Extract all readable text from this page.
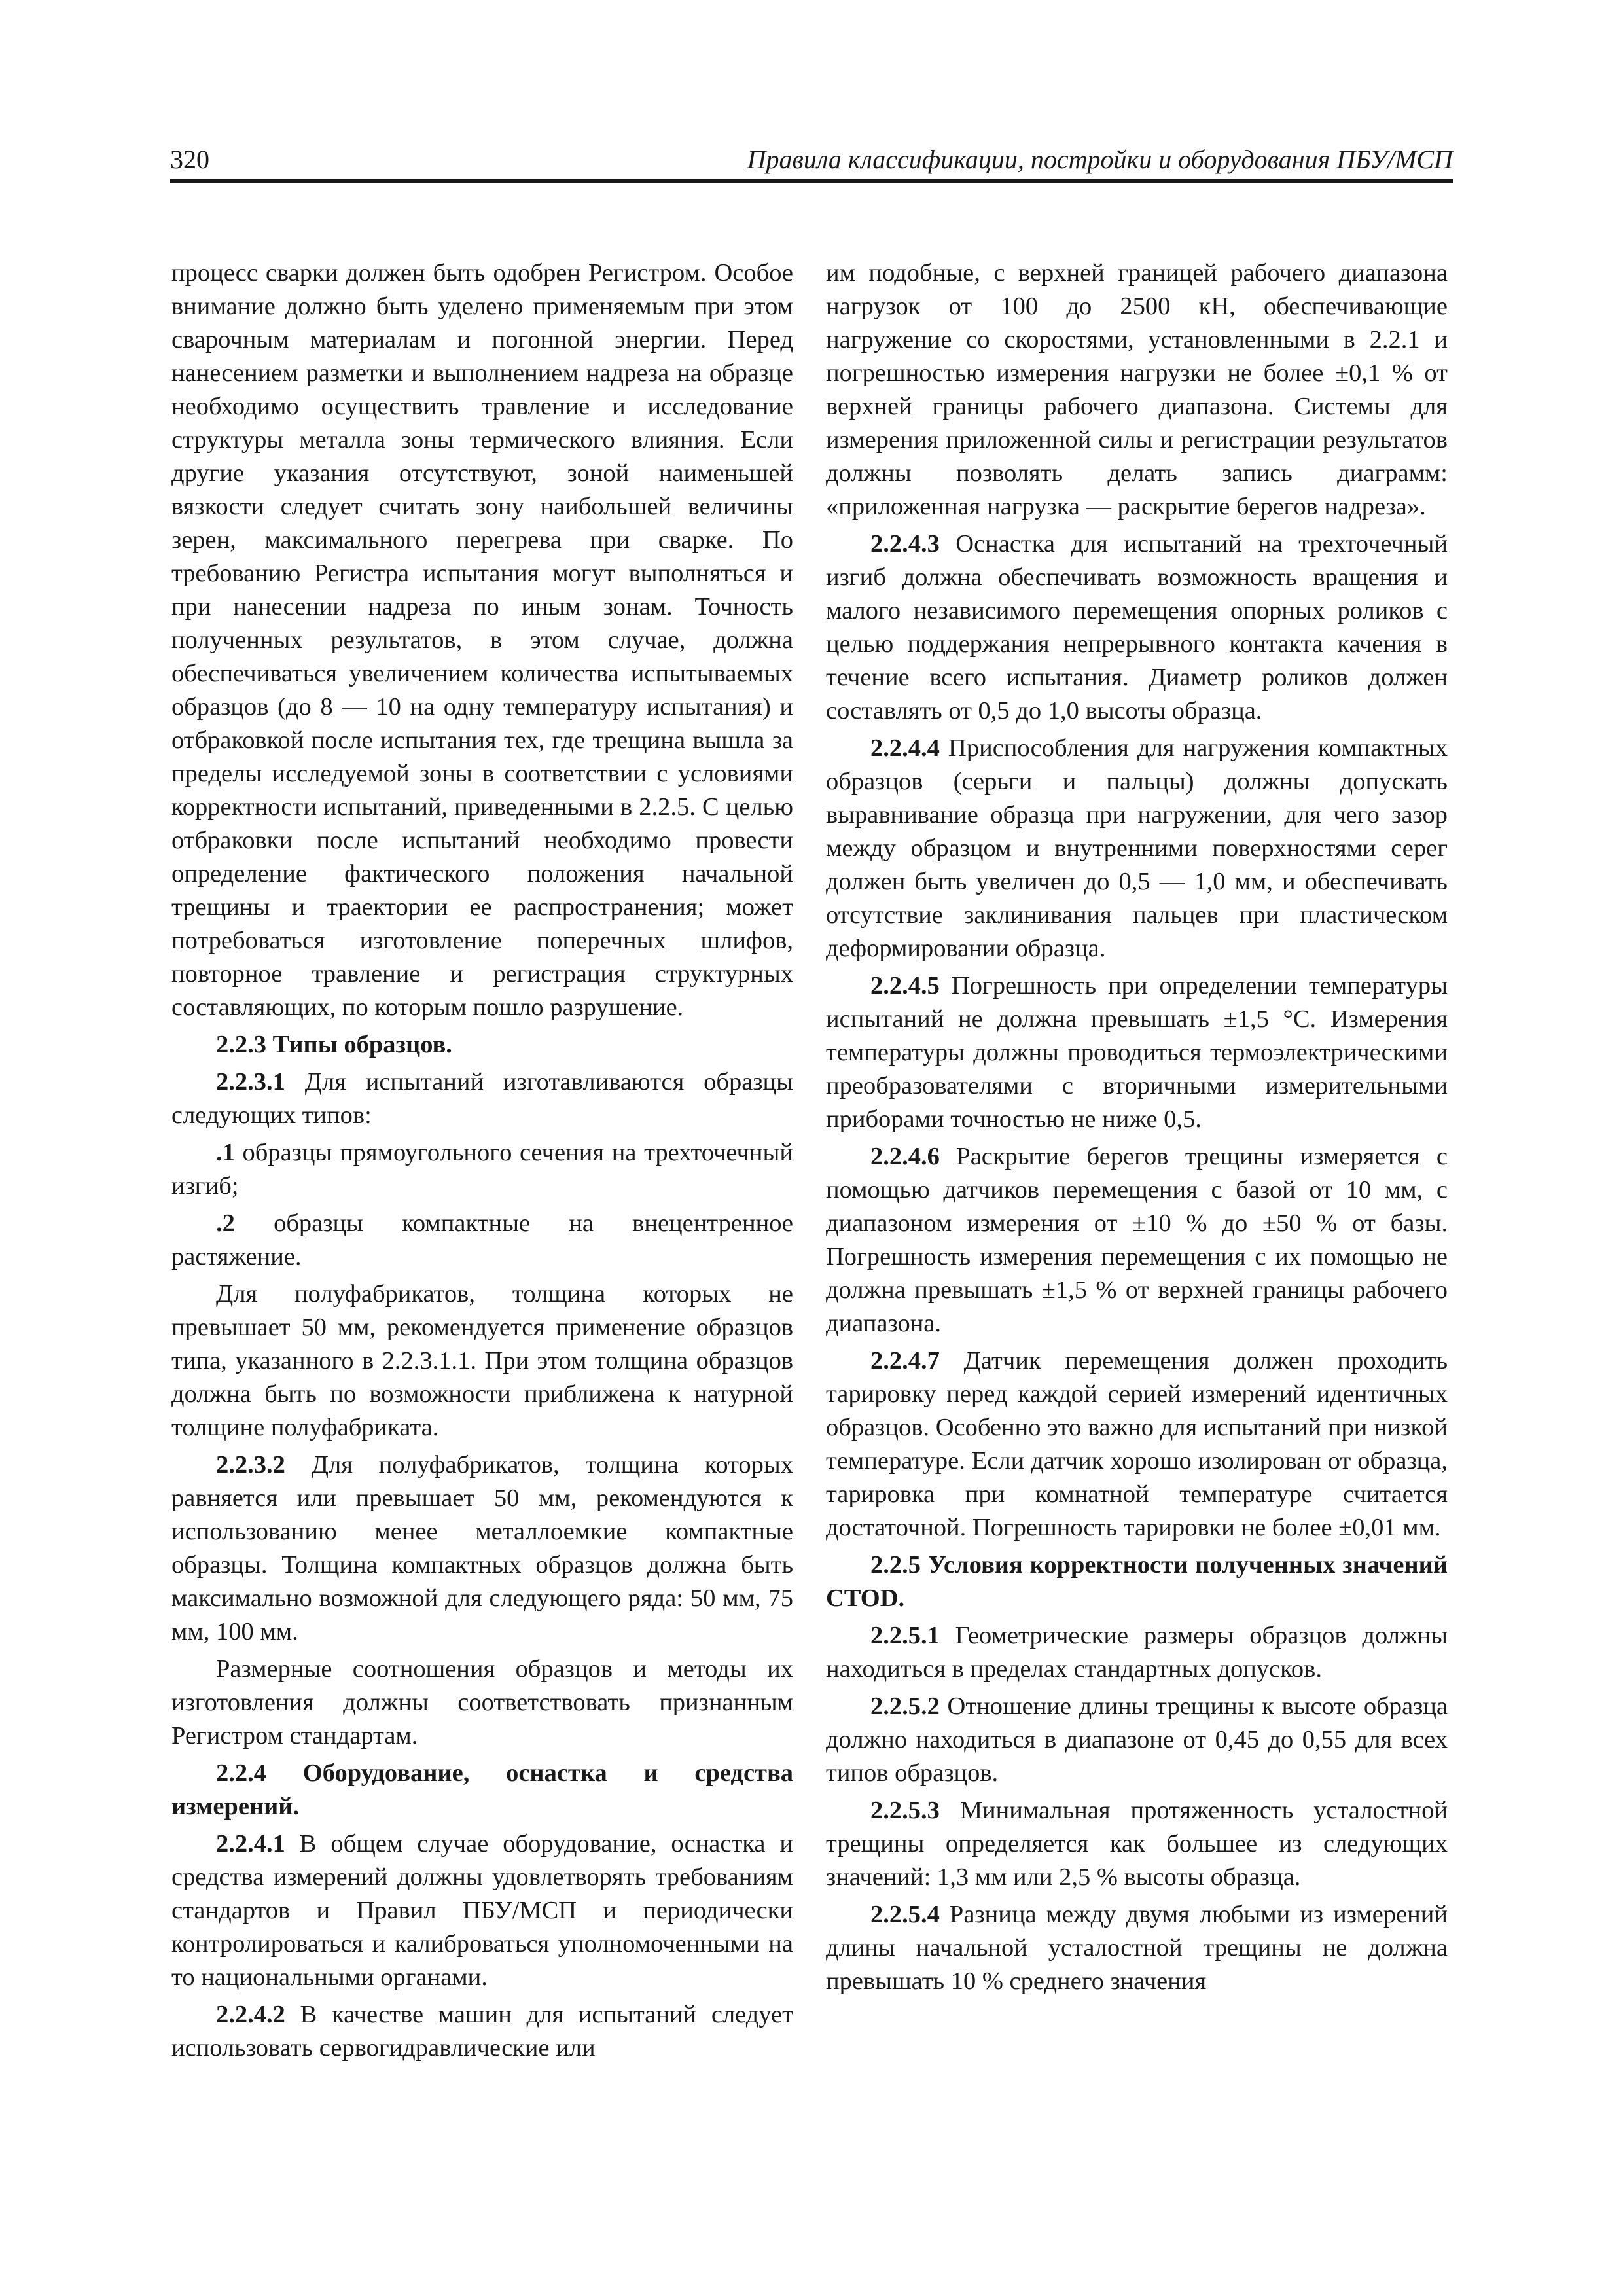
320	Правила классификации, постройки и оборудования ПБУ/МСП

процесс сварки должен быть одобрен Регистром. Особое внимание должно быть уделено применяемым при этом сварочным материалам и погонной энергии. Перед нанесением разметки и выполнением надреза на образце необходимо осуществить травление и исследование структуры металла зоны термического влияния. Если другие указания отсутствуют, зоной наименьшей вязкости следует считать зону наибольшей величины зерен, максимального перегрева при сварке. По требованию Регистра испытания могут выполняться и при нанесении надреза по иным зонам. Точность полученных результатов, в этом случае, должна обеспечиваться увеличением количества испытываемых образцов (до 8 — 10 на одну температуру испытания) и отбраковкой после испытания тех, где трещина вышла за пределы исследуемой зоны в соответствии с условиями корректности испытаний, приведенными в 2.2.5. С целью отбраковки после испытаний необходимо провести определение фактического положения начальной трещины и траектории ее распространения; может потребоваться изготовление поперечных шлифов, повторное травление и регистрация структурных составляющих, по которым пошло разрушение.

2.2.3 Типы образцов.

2.2.3.1 Для испытаний изготавливаются образцы следующих типов:

.1 образцы прямоугольного сечения на трехточечный изгиб;

.2 образцы компактные на внецентренное растяжение.

Для полуфабрикатов, толщина которых не превышает 50 мм, рекомендуется применение образцов типа, указанного в 2.2.3.1.1. При этом толщина образцов должна быть по возможности приближена к натурной толщине полуфабриката.

2.2.3.2 Для полуфабрикатов, толщина которых равняется или превышает 50 мм, рекомендуются к использованию менее металлоемкие компактные образцы. Толщина компактных образцов должна быть максимально возможной для следующего ряда: 50 мм, 75 мм, 100 мм.

Размерные соотношения образцов и методы их изготовления должны соответствовать признанным Регистром стандартам.

2.2.4 Оборудование, оснастка и средства измерений.

2.2.4.1 В общем случае оборудование, оснастка и средства измерений должны удовлетворять требованиям стандартов и Правил ПБУ/МСП и периодически контролироваться и калиброваться уполномоченными на то национальными органами.

2.2.4.2 В качестве машин для испытаний следует использовать сервогидравлические или

им подобные, с верхней границей рабочего диапазона нагрузок от 100 до 2500 кН, обеспечивающие нагружение со скоростями, установленными в 2.2.1 и погрешностью измерения нагрузки не более ±0,1 % от верхней границы рабочего диапазона. Системы для измерения приложенной силы и регистрации результатов должны позволять делать запись диаграмм: «приложенная нагрузка — раскрытие берегов надреза».

2.2.4.3 Оснастка для испытаний на трехточечный изгиб должна обеспечивать возможность вращения и малого независимого перемещения опорных роликов с целью поддержания непрерывного контакта качения в течение всего испытания. Диаметр роликов должен составлять от 0,5 до 1,0 высоты образца.

2.2.4.4 Приспособления для нагружения компактных образцов (серьги и пальцы) должны допускать выравнивание образца при нагружении, для чего зазор между образцом и внутренними поверхностями серег должен быть увеличен до 0,5 — 1,0 мм, и обеспечивать отсутствие заклинивания пальцев при пластическом деформировании образца.

2.2.4.5 Погрешность при определении температуры испытаний не должна превышать ±1,5 °С. Измерения температуры должны проводиться термоэлектрическими преобразователями с вторичными измерительными приборами точностью не ниже 0,5.

2.2.4.6 Раскрытие берегов трещины измеряется с помощью датчиков перемещения с базой от 10 мм, с диапазоном измерения от ±10 % до ±50 % от базы. Погрешность измерения перемещения с их помощью не должна превышать ±1,5 % от верхней границы рабочего диапазона.

2.2.4.7 Датчик перемещения должен проходить тарировку перед каждой серией измерений идентичных образцов. Особенно это важно для испытаний при низкой температуре. Если датчик хорошо изолирован от образца, тарировка при комнатной температуре считается достаточной. Погрешность тарировки не более ±0,01 мм.

2.2.5 Условия корректности полученных значений CTOD.

2.2.5.1 Геометрические размеры образцов должны находиться в пределах стандартных допусков.

2.2.5.2 Отношение длины трещины к высоте образца должно находиться в диапазоне от 0,45 до 0,55 для всех типов образцов.

2.2.5.3 Минимальная протяженность усталостной трещины определяется как большее из следующих значений: 1,3 мм или 2,5 % высоты образца.

2.2.5.4 Разница между двумя любыми из измерений длины начальной усталостной трещины не должна превышать 10 % среднего значения
